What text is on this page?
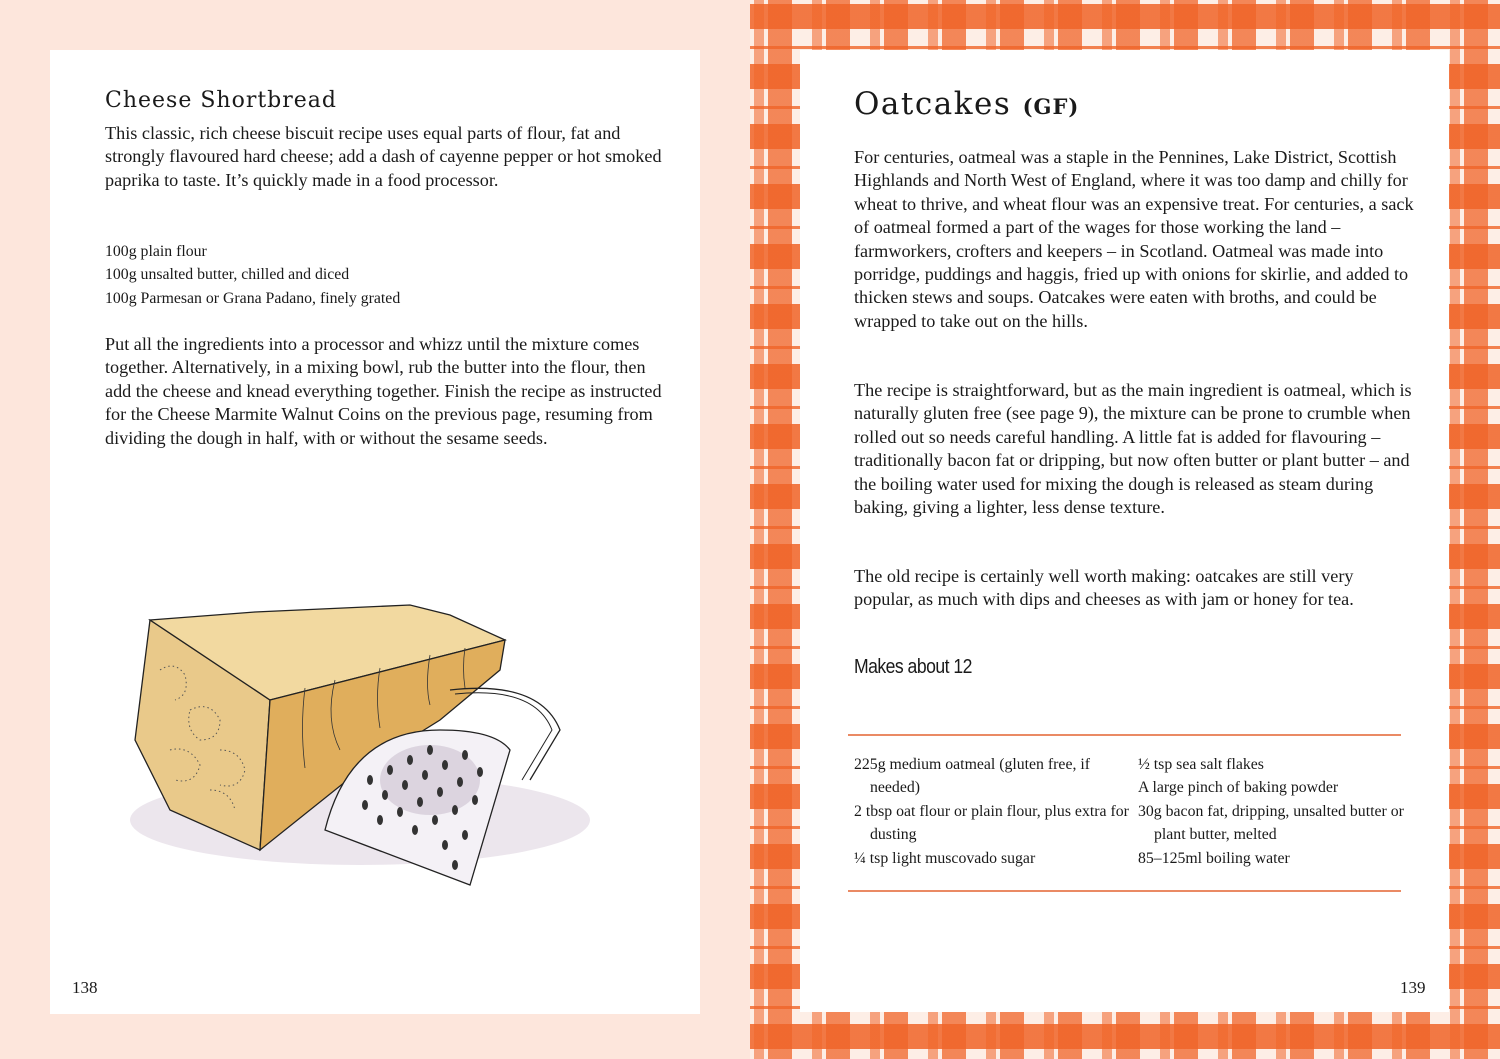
Cheese Shortbread

This classic, rich cheese biscuit recipe uses equal parts of flour, fat and strongly flavoured hard cheese; add a dash of cayenne pepper or hot smoked paprika to taste. It’s quickly made in a food processor.

100g plain flour
100g unsalted butter, chilled and diced
100g Parmesan or Grana Padano, finely grated

Put all the ingredients into a processor and whizz until the mixture comes together. Alternatively, in a mixing bowl, rub the butter into the flour, then add the cheese and knead everything together. Finish the recipe as instructed for the Cheese Marmite Walnut Coins on the previous page, resuming from dividing the dough in half, with or without the sesame seeds.

138
Oatcakes (GF)

For centuries, oatmeal was a staple in the Pennines, Lake District, Scottish Highlands and North West of England, where it was too damp and chilly for wheat to thrive, and wheat flour was an expensive treat. For centuries, a sack of oatmeal formed a part of the wages for those working the land – farmworkers, crofters and keepers – in Scotland. Oatmeal was made into porridge, puddings and haggis, fried up with onions for skirlie, and added to thicken stews and soups. Oatcakes were eaten with broths, and could be wrapped to take out on the hills.

The recipe is straightforward, but as the main ingredient is oatmeal, which is naturally gluten free (see page 9), the mixture can be prone to crumble when rolled out so needs careful handling. A little fat is added for flavouring – traditionally bacon fat or dripping, but now often butter or plant butter – and the boiling water used for mixing the dough is released as steam during baking, giving a lighter, less dense texture.

The old recipe is certainly well worth making: oatcakes are still very popular, as much with dips and cheeses as with jam or honey for tea.

Makes about 12
225g medium oatmeal (gluten free, if needed)
2 tbsp oat flour or plain flour, plus extra for dusting
¼ tsp light muscovado sugar
½ tsp sea salt flakes
A large pinch of baking powder
30g bacon fat, dripping, unsalted butter or plant butter, melted
85–125ml boiling water
139
